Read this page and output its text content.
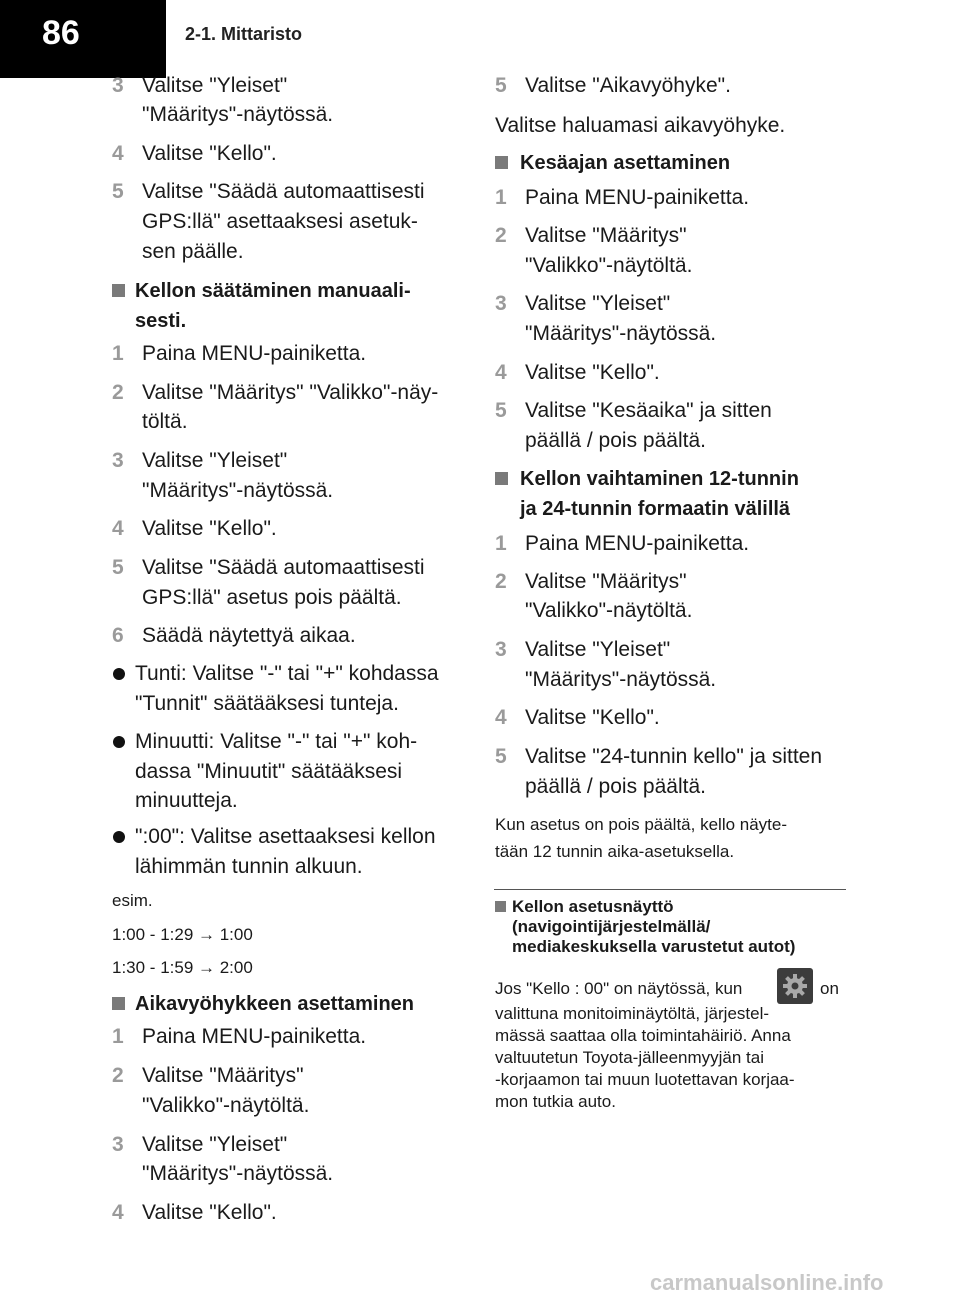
86	2-1. Mittaristo
3 Valitse "Yleiset"
"Määritys"-näytössä.
4 Valitse "Kello".
5 Valitse "Säädä automaattisesti
GPS:llä" asettaaksesi asetuk-
sen päälle.
Kellon säätäminen manuaali-
sesti.
1 Paina MENU-painiketta.
2 Valitse "Määritys" "Valikko"-näy-
töltä.
3 Valitse "Yleiset"
"Määritys"-näytössä.
4 Valitse "Kello".
5 Valitse "Säädä automaattisesti
GPS:llä" asetus pois päältä.
6 Säädä näytettyä aikaa.
Tunti: Valitse "-" tai "+" kohdassa
"Tunnit" säätääksesi tunteja.
Minuutti: Valitse "-" tai "+" koh-
dassa "Minuutit" säätääksesi
minuutteja.
":00": Valitse asettaaksesi kellon
lähimmän tunnin alkuun.
esim.
1:00 - 1:29 → 1:00
1:30 - 1:59 → 2:00
Aikavyöhykkeen asettaminen
1 Paina MENU-painiketta.
2 Valitse "Määritys"
"Valikko"-näytöltä.
3 Valitse "Yleiset"
"Määritys"-näytössä.
4 Valitse "Kello".
5 Valitse "Aikavyöhyke".
Valitse haluamasi aikavyöhyke.
Kesäajan asettaminen
1 Paina MENU-painiketta.
2 Valitse "Määritys"
"Valikko"-näytöltä.
3 Valitse "Yleiset"
"Määritys"-näytössä.
4 Valitse "Kello".
5 Valitse "Kesäaika" ja sitten
päällä / pois päältä.
Kellon vaihtaminen 12-tunnin
ja 24-tunnin formaatin välillä
1 Paina MENU-painiketta.
2 Valitse "Määritys"
"Valikko"-näytöltä.
3 Valitse "Yleiset"
"Määritys"-näytössä.
4 Valitse "Kello".
5 Valitse "24-tunnin kello" ja sitten
päällä / pois päältä.
Kun asetus on pois päältä, kello näyte-
tään 12 tunnin aika-asetuksella.
Kellon asetusnäyttö
(navigointijärjestelmällä/
mediakeskuksella varustetut autot)
Jos "Kello : 00" on näytössä, kun	on
valittuna monitoiminäytöltä, järjestel-
mässä saattaa olla toimintahäiriö. Anna
valtuutetun Toyota-jälleenmyyjän tai
-korjaamon tai muun luotettavan korjaa-
mon tutkia auto.
carmanualsonline.info
